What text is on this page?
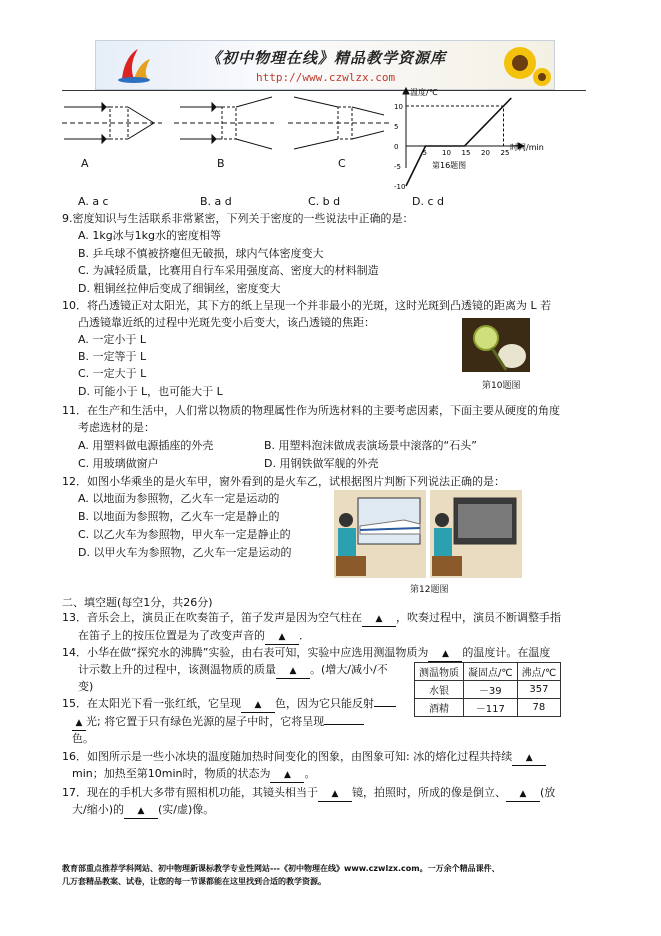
《初中物理在线》精品教学资源库
http://www.czwlzx.com
A	B	C
10
5
0
-5
-10
5 10 15 20 25
温度/℃
时间/min
第16题图
A. a c	B. a d	C. b d	D. c d
9.密度知识与生活联系非常紧密，下列关于密度的一些说法中正确的是：
A. 1kg冰与1kg水的密度相等
B. 乒乓球不慎被挤瘪但无破损，球内气体密度变大
C. 为减轻质量，比赛用自行车采用强度高、密度大的材料制造
D. 粗铜丝拉伸后变成了细铜丝，密度变大
10．将凸透镜正对太阳光，其下方的纸上呈现一个并非最小的光斑，这时光斑到凸透镜的距离为 L 若
凸透镜靠近纸的过程中光斑先变小后变大，该凸透镜的焦距：
A. 一定小于 L
B. 一定等于 L
C. 一定大于 L
D. 可能小于 L，也可能大于 L	第10题图
11．在生产和生活中，人们常以物质的物理属性作为所选材料的主要考虑因素，下面主要从硬度的角度
考虑选材的是：
A. 用塑料做电源插座的外壳	B. 用塑料泡沫做成表演场景中滚落的“石头”
C. 用玻璃做窗户	D. 用钢铁做军舰的外壳
12．如图小华乘坐的是火车甲，窗外看到的是火车乙，试根据图片判断下列说法正确的是：
A. 以地面为参照物，乙火车一定是运动的
B. 以地面为参照物，乙火车一定是静止的
C. 以乙火车为参照物，甲火车一定是静止的
D. 以甲火车为参照物，乙火车一定是运动的
第12题图
二、填空题(每空1分，共26分)
13．音乐会上，演员正在吹奏笛子，笛子发声是因为空气柱在 ▲ ，吹奏过程中，演员不断调整手指
在笛子上的按压位置是为了改变声音的 ▲ ．
14．小华在做“探究水的沸腾”实验，由右表可知，实验中应选用测温物质为 ▲ 的温度计。在温度
计示数上升的过程中，该测温物质的质量 ▲ 。(增大/减小/不
变)
测温物质	凝固点/℃	沸点/℃
水银	－39	357
酒精	－117	78
15．在太阳光下看一张红纸，它呈现 ▲ 色，因为它只能反射
▲ 光; 将它置于只有绿色光源的屋子中时，它将呈现
色。
16．如图所示是一些小冰块的温度随加热时间变化的图象，由图象可知: 冰的熔化过程共持续 ▲
min；加热至第10min时，物质的状态为 ▲ 。
17．现在的手机大多带有照相机功能，其镜头相当于 ▲ 镜，拍照时，所成的像是倒立、 ▲ (放
大/缩小)的 ▲ (实/虚)像。
教育部重点推荐学科网站、初中物理新课标教学专业性网站---《初中物理在线》www.czwlzx.com。一万余个精品课件、
几万套精品教案、试卷，让您的每一节课都能在这里找到合适的教学资源。
